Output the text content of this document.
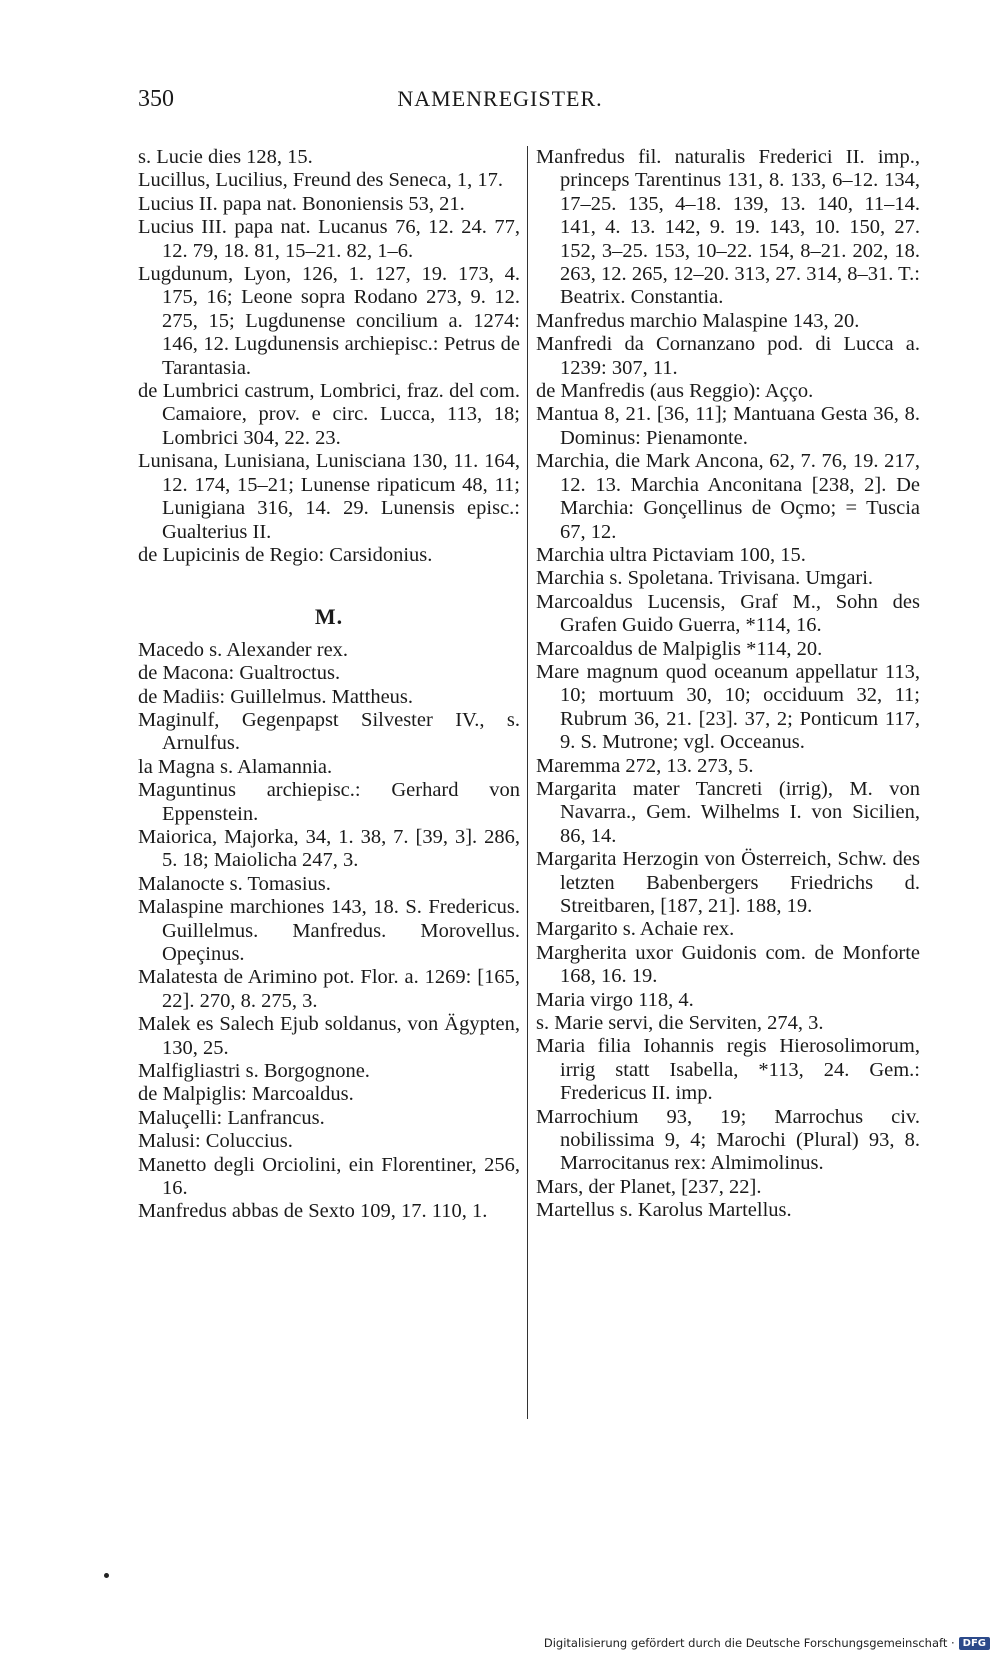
350	NAMENREGISTER.

s. Lucie dies 128, 15.

Lucillus, Lucilius, Freund des Seneca, 1, 17.

Lucius II. papa nat. Bononiensis 53, 21.

Lucius III. papa nat. Lucanus 76, 12. 24. 77, 12. 79, 18. 81, 15–21. 82, 1–6.

Lugdunum, Lyon, 126, 1. 127, 19. 173, 4. 175, 16; Leone sopra Rodano 273, 9. 12. 275, 15; Lugdunense concilium a. 1274: 146, 12. Lugdunensis archiepisc.: Petrus de Tarantasia.

de Lumbrici castrum, Lombrici, fraz. del com. Camaiore, prov. e circ. Lucca, 113, 18; Lombrici 304, 22. 23.

Lunisana, Lunisiana, Lunisciana 130, 11. 164, 12. 174, 15–21; Lunense ripaticum 48, 11; Lunigiana 316, 14. 29. Lunensis episc.: Gualterius II.

de Lupicinis de Regio: Carsidonius.

M.

Macedo s. Alexander rex.

de Macona: Gualtroctus.

de Madiis: Guillelmus. Mattheus.

Maginulf, Gegenpapst Silvester IV., s. Arnulfus.

la Magna s. Alamannia.

Maguntinus archiepisc.: Gerhard von Eppenstein.

Maiorica, Majorka, 34, 1. 38, 7. [39, 3]. 286, 5. 18; Maiolicha 247, 3.

Malanocte s. Tomasius.

Malaspine marchiones 143, 18. S. Fredericus. Guillelmus. Manfredus. Morovellus. Opeçinus.

Malatesta de Arimino pot. Flor. a. 1269: [165, 22]. 270, 8. 275, 3.

Malek es Salech Ejub soldanus, von Ägypten, 130, 25.

Malfigliastri s. Borgognone.

de Malpiglis: Marcoaldus.

Maluçelli: Lanfrancus.

Malusi: Coluccius.

Manetto degli Orciolini, ein Florentiner, 256, 16.

Manfredus abbas de Sexto 109, 17. 110, 1.

Manfredus fil. naturalis Frederici II. imp., princeps Tarentinus 131, 8. 133, 6–12. 134, 17–25. 135, 4–18. 139, 13. 140, 11–14. 141, 4. 13. 142, 9. 19. 143, 10. 150, 27. 152, 3–25. 153, 10–22. 154, 8–21. 202, 18. 263, 12. 265, 12–20. 313, 27. 314, 8–31. T.: Beatrix. Constantia.

Manfredus marchio Malaspine 143, 20.

Manfredi da Cornanzano pod. di Lucca a. 1239: 307, 11.

de Manfredis (aus Reggio): Açço.

Mantua 8, 21. [36, 11]; Mantuana Gesta 36, 8. Dominus: Pienamonte.

Marchia, die Mark Ancona, 62, 7. 76, 19. 217, 12. 13. Marchia Anconitana [238, 2]. De Marchia: Gonçellinus de Oçmo; = Tuscia 67, 12.

Marchia ultra Pictaviam 100, 15.

Marchia s. Spoletana. Trivisana. Umgari.

Marcoaldus Lucensis, Graf M., Sohn des Grafen Guido Guerra, *114, 16.

Marcoaldus de Malpiglis *114, 20.

Mare magnum quod oceanum appellatur 113, 10; mortuum 30, 10; occiduum 32, 11; Rubrum 36, 21. [23]. 37, 2; Ponticum 117, 9. S. Mutrone; vgl. Occeanus.

Maremma 272, 13. 273, 5.

Margarita mater Tancreti (irrig), M. von Navarra., Gem. Wilhelms I. von Sicilien, 86, 14.

Margarita Herzogin von Österreich, Schw. des letzten Babenbergers Friedrichs d. Streitbaren, [187, 21]. 188, 19.

Margarito s. Achaie rex.

Margherita uxor Guidonis com. de Monforte 168, 16. 19.

Maria virgo 118, 4.

s. Marie servi, die Serviten, 274, 3.

Maria filia Iohannis regis Hierosolimorum, irrig statt Isabella, *113, 24. Gem.: Fredericus II. imp.

Marrochium 93, 19; Marrochus civ. nobilissima 9, 4; Marochi (Plural) 93, 8. Marrocitanus rex: Almimolinus.

Mars, der Planet, [237, 22].

Martellus s. Karolus Martellus.

Digitalisierung gefördert durch die Deutsche Forschungsgemeinschaft · DFG
